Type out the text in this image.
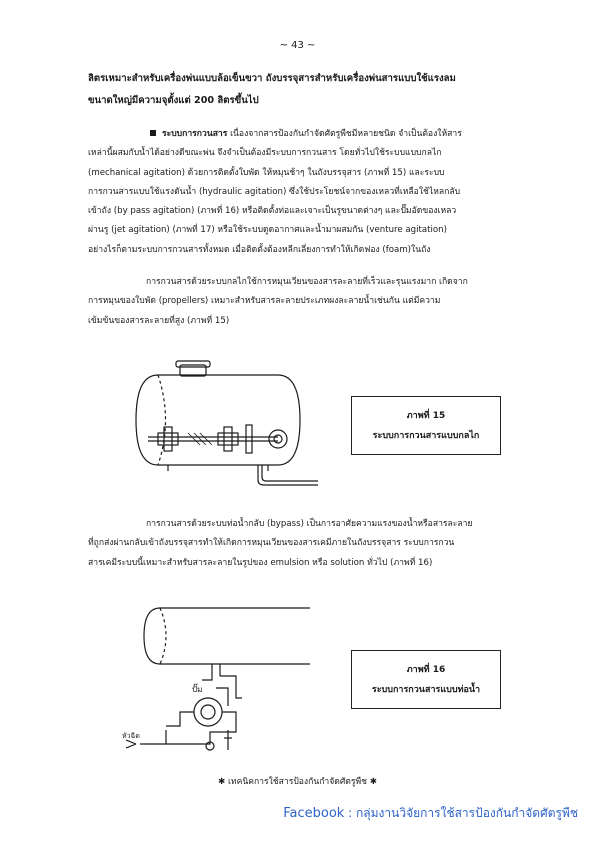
~ 43 ~
ลิตรเหมาะสำหรับเครื่องพ่นแบบล้อเข็นขวา ถังบรรจุสารสำหรับเครื่องพ่นสารแบบใช้แรงลม
ขนาดใหญ่มีความจุตั้งแต่ 200 ลิตรขึ้นไป
ระบบการกวนสาร เนื่องจากสารป้องกันกำจัดศัตรูพืชมีหลายชนิด จำเป็นต้องให้สาร
เหล่านี้ผสมกับน้ำได้อย่างดีขณะพ่น จึงจำเป็นต้องมีระบบการกวนสาร โดยทั่วไปใช้ระบบแบบกลไก
(mechanical agitation) ด้วยการติดตั้งใบพัด ให้หมุนช้าๆ ในถังบรรจุสาร (ภาพที่ 15) และระบบ
การกวนสารแบบใช้แรงดันน้ำ (hydraulic agitation) ซึ่งใช้ประโยชน์จากของเหลวที่เหลือใช้ไหลกลับ
เข้าถัง (by pass agitation) (ภาพที่ 16) หรือติดตั้งท่อและเจาะเป็นรูขนาดต่างๆ และปั๊มอัดของเหลว
ผ่านรู (jet agitation) (ภาพที่ 17) หรือใช้ระบบดูดอากาศและน้ำมาผสมกัน (venture agitation)
อย่างไรก็ตามระบบการกวนสารทั้งหมด เมื่อติดตั้งต้องหลีกเลี่ยงการทำให้เกิดฟอง (foam)ในถัง
การกวนสารด้วยระบบกลไกใช้การหมุนเวียนของสารละลายที่เร็วและรุนแรงมาก เกิดจาก
การหมุนของใบพัด (propellers) เหมาะสำหรับสารละลายประเภทผงละลายน้ำเช่นกัน แต่มีความ
เข้มข้นของสารละลายที่สูง (ภาพที่ 15)
ภาพที่ 15
ระบบการกวนสารแบบกลไก
การกวนสารด้วยระบบท่อน้ำกลับ (bypass) เป็นการอาศัยความแรงของน้ำหรือสารละลาย
ที่ถูกส่งผ่านกลับเข้าถังบรรจุสารทำให้เกิดการหมุนเวียนของสารเคมีภายในถังบรรจุสาร ระบบการกวน
สารเคมีระบบนี้เหมาะสำหรับสารละลายในรูปของ emulsion หรือ solution ทั่วไป (ภาพที่ 16)
ปั๊ม
หัวฉีด
ภาพที่ 16
ระบบการกวนสารแบบท่อน้ำ
✱ เทคนิคการใช้สารป้องกันกำจัดศัตรูพืช ✱
Facebook : กลุ่มงานวิจัยการใช้สารป้องกันกำจัดศัตรูพืช
